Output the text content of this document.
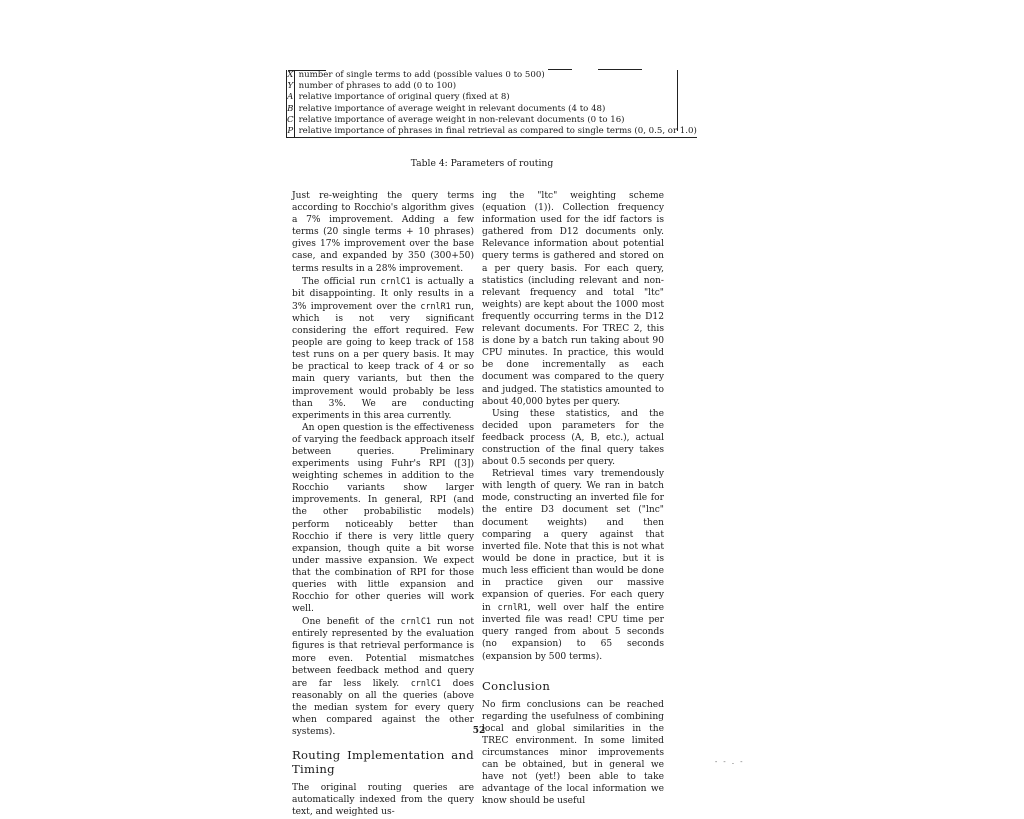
X	number of single terms to add (possible values 0 to 500)
Y	number of phrases to add (0 to 100)
A	relative importance of original query (fixed at 8)
B	relative importance of average weight in relevant documents (4 to 48)
C	relative importance of average weight in non-relevant documents (0 to 16)
P	relative importance of phrases in final retrieval as compared to single terms (0, 0.5, or 1.0)
Table 4: Parameters of routing

Just re-weighting the query terms according to Rocchio's algorithm gives a 7% improvement. Adding a few terms (20 single terms + 10 phrases) gives 17% improvement over the base case, and expanded by 350 (300+50) terms results in a 28% improvement.

The official run crnlC1 is actually a bit disappointing. It only results in a 3% improvement over the crnlR1 run, which is not very significant considering the effort required. Few people are going to keep track of 158 test runs on a per query basis. It may be practical to keep track of 4 or so main query variants, but then the improvement would probably be less than 3%. We are conducting experiments in this area currently.

An open question is the effectiveness of varying the feedback approach itself between queries. Preliminary experiments using Fuhr's RPI ([3]) weighting schemes in addition to the Rocchio variants show larger improvements. In general, RPI (and the other probabilistic models) perform noticeably better than Rocchio if there is very little query expansion, though quite a bit worse under massive expansion. We expect that the combination of RPI for those queries with little expansion and Rocchio for other queries will work well.

One benefit of the crnlC1 run not entirely represented by the evaluation figures is that retrieval performance is more even. Potential mismatches between feedback method and query are far less likely. crnlC1 does reasonably on all the queries (above the median system for every query when compared against the other systems).

Routing Implementation and
Timing

The original routing queries are automatically indexed from the query text, and weighted us-

ing the "ltc" weighting scheme (equation (1)). Collection frequency information used for the idf factors is gathered from D12 documents only. Relevance information about potential query terms is gathered and stored on a per query basis. For each query, statistics (including relevant and non-relevant frequency and total "ltc" weights) are kept about the 1000 most frequently occurring terms in the D12 relevant documents. For TREC 2, this is done by a batch run taking about 90 CPU minutes. In practice, this would be done incrementally as each document was compared to the query and judged. The statistics amounted to about 40,000 bytes per query.

Using these statistics, and the decided upon parameters for the feedback process (A, B, etc.), actual construction of the final query takes about 0.5 seconds per query.

Retrieval times vary tremendously with length of query. We ran in batch mode, constructing an inverted file for the entire D3 document set ("lnc" document weights) and then comparing a query against that inverted file. Note that this is not what would be done in practice, but it is much less efficient than would be done in practice given our massive expansion of queries. For each query in crnlR1, well over half the entire inverted file was read! CPU time per query ranged from about 5 seconds (no expansion) to 65 seconds (expansion by 500 terms).

Conclusion

No firm conclusions can be reached regarding the usefulness of combining local and global similarities in the TREC environment. In some limited circumstances minor improvements can be obtained, but in general we have not (yet!) been able to take advantage of the local information we know should be useful

52
- - . -
